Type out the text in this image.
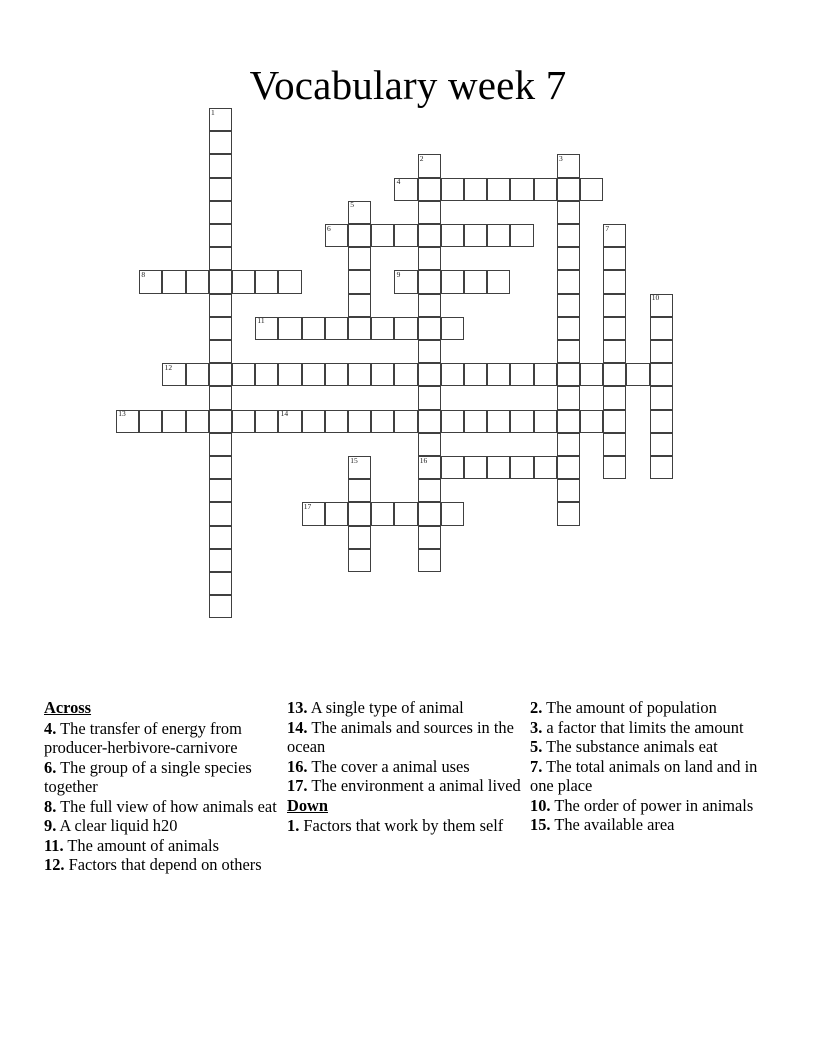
Vocabulary week 7
1
2	3
4
5
6	7
8	9
10
11
12
13	14
15	16
17
Across

4. The transfer of energy from producer-herbivore-carnivore

6. The group of a single species together

8. The full view of how animals eat

9. A clear liquid h20

11. The amount of animals

12. Factors that depend on others

13. A single type of animal

14. The animals and sources in the ocean

16. The cover a animal uses

17. The environment a animal lived

Down

1. Factors that work by them self

2. The amount of population

3. a factor that limits the amount

5. The substance animals eat

7. The total animals on land and in one place

10. The order of power in animals

15. The available area
